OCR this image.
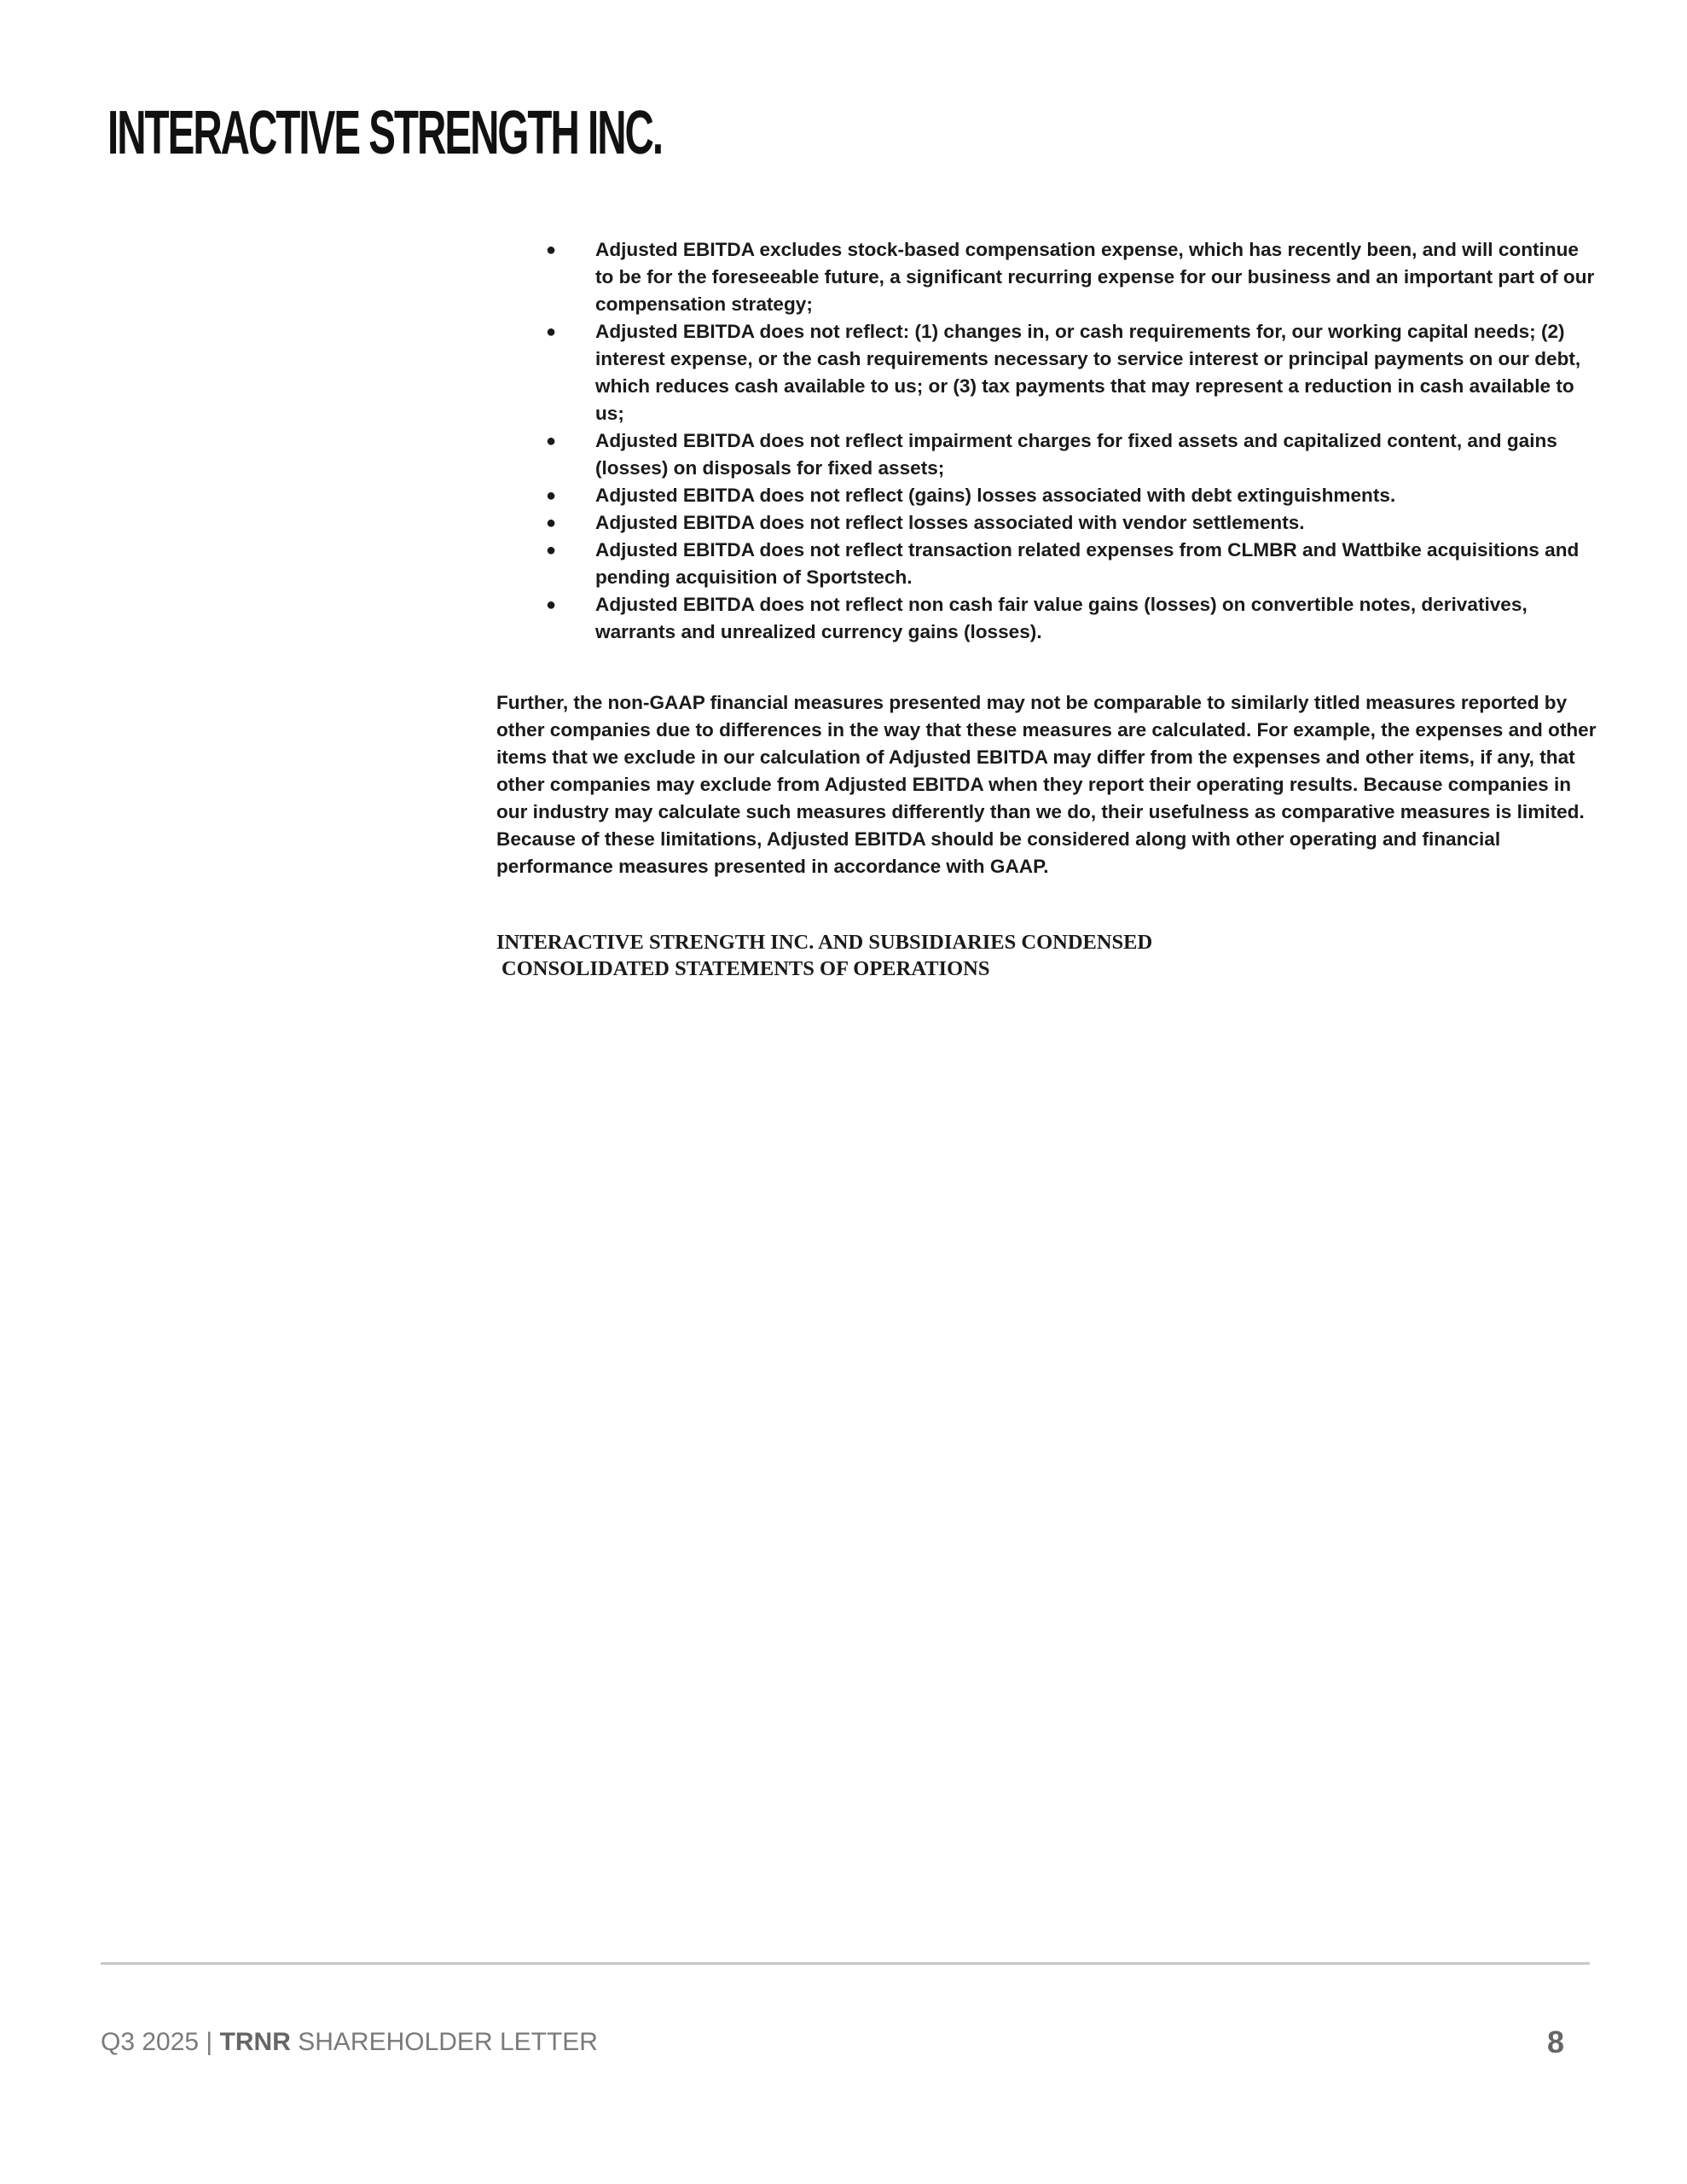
INTERACTIVE STRENGTH INC.
● Adjusted EBITDA excludes stock-based compensation expense, which has recently been, and will continue to be for the foreseeable future, a significant recurring expense for our business and an important part of our compensation strategy;
● Adjusted EBITDA does not reflect: (1) changes in, or cash requirements for, our working capital needs; (2) interest expense, or the cash requirements necessary to service interest or principal payments on our debt, which reduces cash available to us; or (3) tax payments that may represent a reduction in cash available to us;
● Adjusted EBITDA does not reflect impairment charges for fixed assets and capitalized content, and gains (losses) on disposals for fixed assets;
● Adjusted EBITDA does not reflect (gains) losses associated with debt extinguishments.
● Adjusted EBITDA does not reflect losses associated with vendor settlements.
● Adjusted EBITDA does not reflect transaction related expenses from CLMBR and Wattbike acquisitions and pending acquisition of Sportstech.
● Adjusted EBITDA does not reflect non cash fair value gains (losses) on convertible notes, derivatives, warrants and unrealized currency gains (losses).

Further, the non-GAAP financial measures presented may not be comparable to similarly titled measures reported by other companies due to differences in the way that these measures are calculated. For example, the expenses and other items that we exclude in our calculation of Adjusted EBITDA may differ from the expenses and other items, if any, that other companies may exclude from Adjusted EBITDA when they report their operating results. Because companies in our industry may calculate such measures differently than we do, their usefulness as comparative measures is limited. Because of these limitations, Adjusted EBITDA should be considered along with other operating and financial performance measures presented in accordance with GAAP.

INTERACTIVE STRENGTH INC. AND SUBSIDIARIES CONDENSED
CONSOLIDATED STATEMENTS OF OPERATIONS
Q3 2025 | TRNR SHAREHOLDER LETTER	8
